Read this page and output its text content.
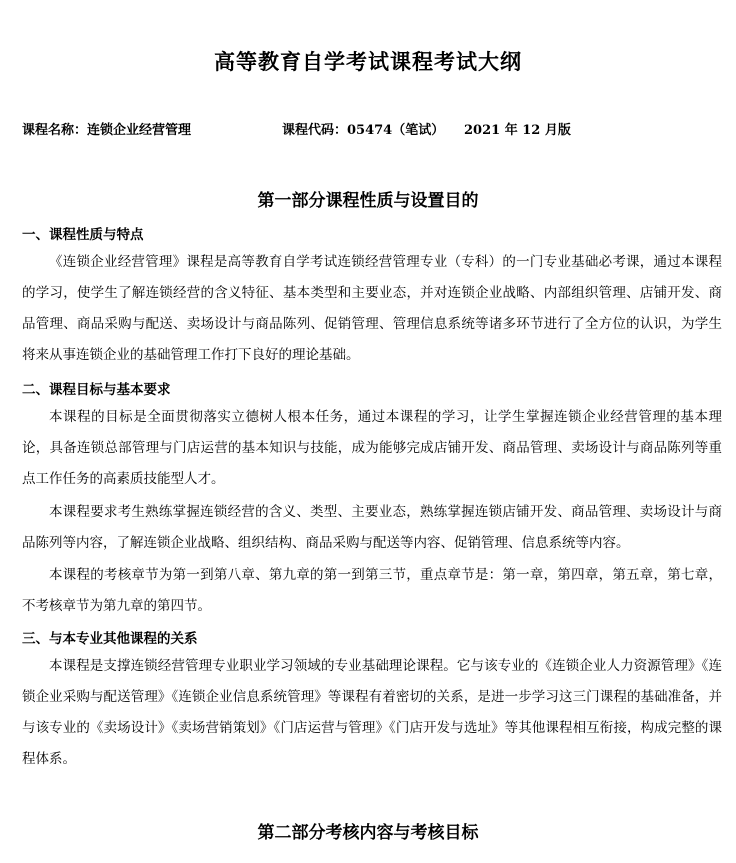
高等教育自学考试课程考试大纲
课程名称：连锁企业经营管理	课程代码：05474（笔试） 2021 年 12 月版
第一部分课程性质与设置目的
一、课程性质与特点
《连锁企业经营管理》课程是高等教育自学考试连锁经营管理专业（专科）的一门专业基础必考课，通过本课程的学习，使学生了解连锁经营的含义特征、基本类型和主要业态，并对连锁企业战略、内部组织管理、店铺开发、商品管理、商品采购与配送、卖场设计与商品陈列、促销管理、管理信息系统等诸多环节进行了全方位的认识，为学生将来从事连锁企业的基础管理工作打下良好的理论基础。
二、课程目标与基本要求
本课程的目标是全面贯彻落实立德树人根本任务，通过本课程的学习，让学生掌握连锁企业经营管理的基本理论，具备连锁总部管理与门店运营的基本知识与技能，成为能够完成店铺开发、商品管理、卖场设计与商品陈列等重点工作任务的高素质技能型人才。
本课程要求考生熟练掌握连锁经营的含义、类型、主要业态，熟练掌握连锁店铺开发、商品管理、卖场设计与商品陈列等内容，了解连锁企业战略、组织结构、商品采购与配送等内容、促销管理、信息系统等内容。
本课程的考核章节为第一到第八章、第九章的第一到第三节，重点章节是：第一章，第四章，第五章，第七章，不考核章节为第九章的第四节。
三、与本专业其他课程的关系
本课程是支撑连锁经营管理专业职业学习领域的专业基础理论课程。它与该专业的《连锁企业人力资源管理》《连锁企业采购与配送管理》《连锁企业信息系统管理》等课程有着密切的关系，是进一步学习这三门课程的基础准备，并与该专业的《卖场设计》《卖场营销策划》《门店运营与管理》《门店开发与选址》等其他课程相互衔接，构成完整的课程体系。
第二部分考核内容与考核目标
